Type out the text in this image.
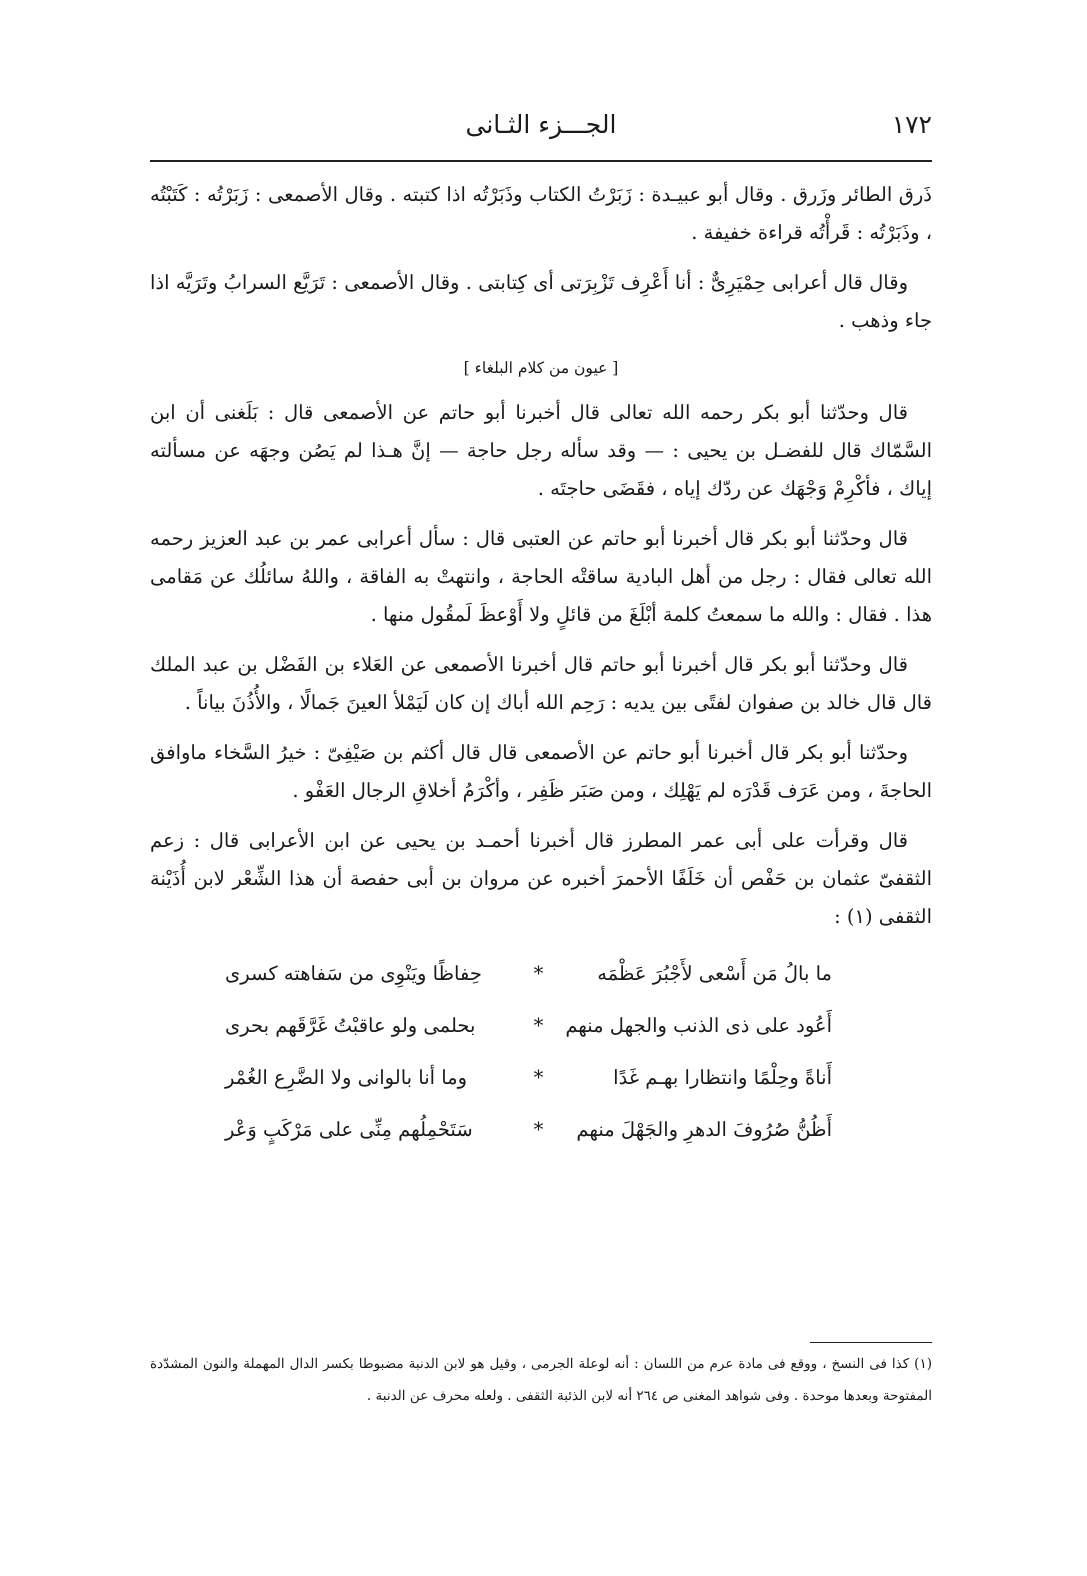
١٧٢
الجـــزء الثـانى

ذَرق الطائر وزَرق . وقال أبو عبيـدة : زَبَرْتُ الكتاب وذَبَرْتُه اذا كتبته . وقال الأصمعى : زَبَرْتُه : كَتَبْتُه ، وذَبَرْتُه : قَرأْتُه قراءة خفيفة .

وقال قال أعرابى حِمْيَرِىٌّ : أنا أَعْرِف تَزْبِرَتى أى كِتابتى . وقال الأصمعى : تَرَيَّع السرابُ وتَرَيَّه اذا جاء وذهب .

[ عيون من كلام البلغاء ]

قال وحدّثنا أبو بكر رحمه الله تعالى قال أخبرنا أبو حاتم عن الأصمعى قال : بَلَغنى أن ابن السَّمّاك قال للفضـل بن يحيى : — وقد سأله رجل حاجة — إنَّ هـذا لم يَصُن وجهَه عن مسألته إياك ، فأكْرِمْ وَجْهَك عن ردّك إياه ، فقَضَى حاجتَه .

قال وحدّثنا أبو بكر قال أخبرنا أبو حاتم عن العتبى قال : سأل أعرابى عمر بن عبد العزيز رحمه الله تعالى فقال : رجل من أهل البادية ساقتْه الحاجة ، وانتهتْ به الفاقة ، واللهُ سائلُك عن مَقامى هذا . فقال : والله ما سمعتُ كلمة أبْلَغَ من قائلٍ ولا أَوْعظَ لَمقُول منها .

قال وحدّثنا أبو بكر قال أخبرنا أبو حاتم قال أخبرنا الأصمعى عن العَلاء بن الفَضْل بن عبد الملك قال قال خالد بن صفوان لفتًى بين يديه : رَحِم الله أباك إن كان لَيَمْلأ العينَ جَمالًا ، والأُذُنَ بياناً .

وحدّثنا أبو بكر قال أخبرنا أبو حاتم عن الأصمعى قال قال أكثم بن صَيْفِىّ : خيرُ السَّخاء ماوافق الحاجةَ ، ومن عَرَف قَدْرَه لم يَهْلِك ، ومن صَبَر ظَفِر ، وأكْرَمُ أخلاقِ الرجال العَفْو .

قال وقرأت على أبى عمر المطرز قال أخبرنا أحمـد بن يحيى عن ابن الأعرابى قال : زعم الثقفىّ عثمان بن حَفْص أن خَلَفًا الأحمرَ أخبره عن مروان بن أبى حفصة أن هذا الشِّعْر لابن أُذَيْنة الثقفى (١) :

ما بالُ مَن أَسْعى لأَجْبُرَ عَظْمَه
*
حِفاظًا ويَنْوِى من سَفاهته كسرى
أَعُود على ذى الذنب والجهل منهم
*
بحلمى ولو عاقبْتُ غَرَّقَهم بحرى
أَناةً وحِلْمًا وانتظارا بهـم غَدًا
*
وما أنا بالوانى ولا الضَّرِع الغُمْر
أَظُنُّ صُرُوفَ الدهرِ والجَهْلَ منهم
*
سَتَحْمِلُهم مِنِّى على مَرْكَبٍ وَعْر
(١) كذا فى النسخ ، ووقع فى مادة عرم من اللسان : أنه لوعلة الجرمى ، وقيل هو لابن الدنبة مضبوطا بكسر الدال المهملة والنون المشدّدة المفتوحة وبعدها موحدة . وفى شواهد المغنى ص ٢٦٤ أنه لابن الذئبة الثقفى . ولعله محرف عن الدنبة .
